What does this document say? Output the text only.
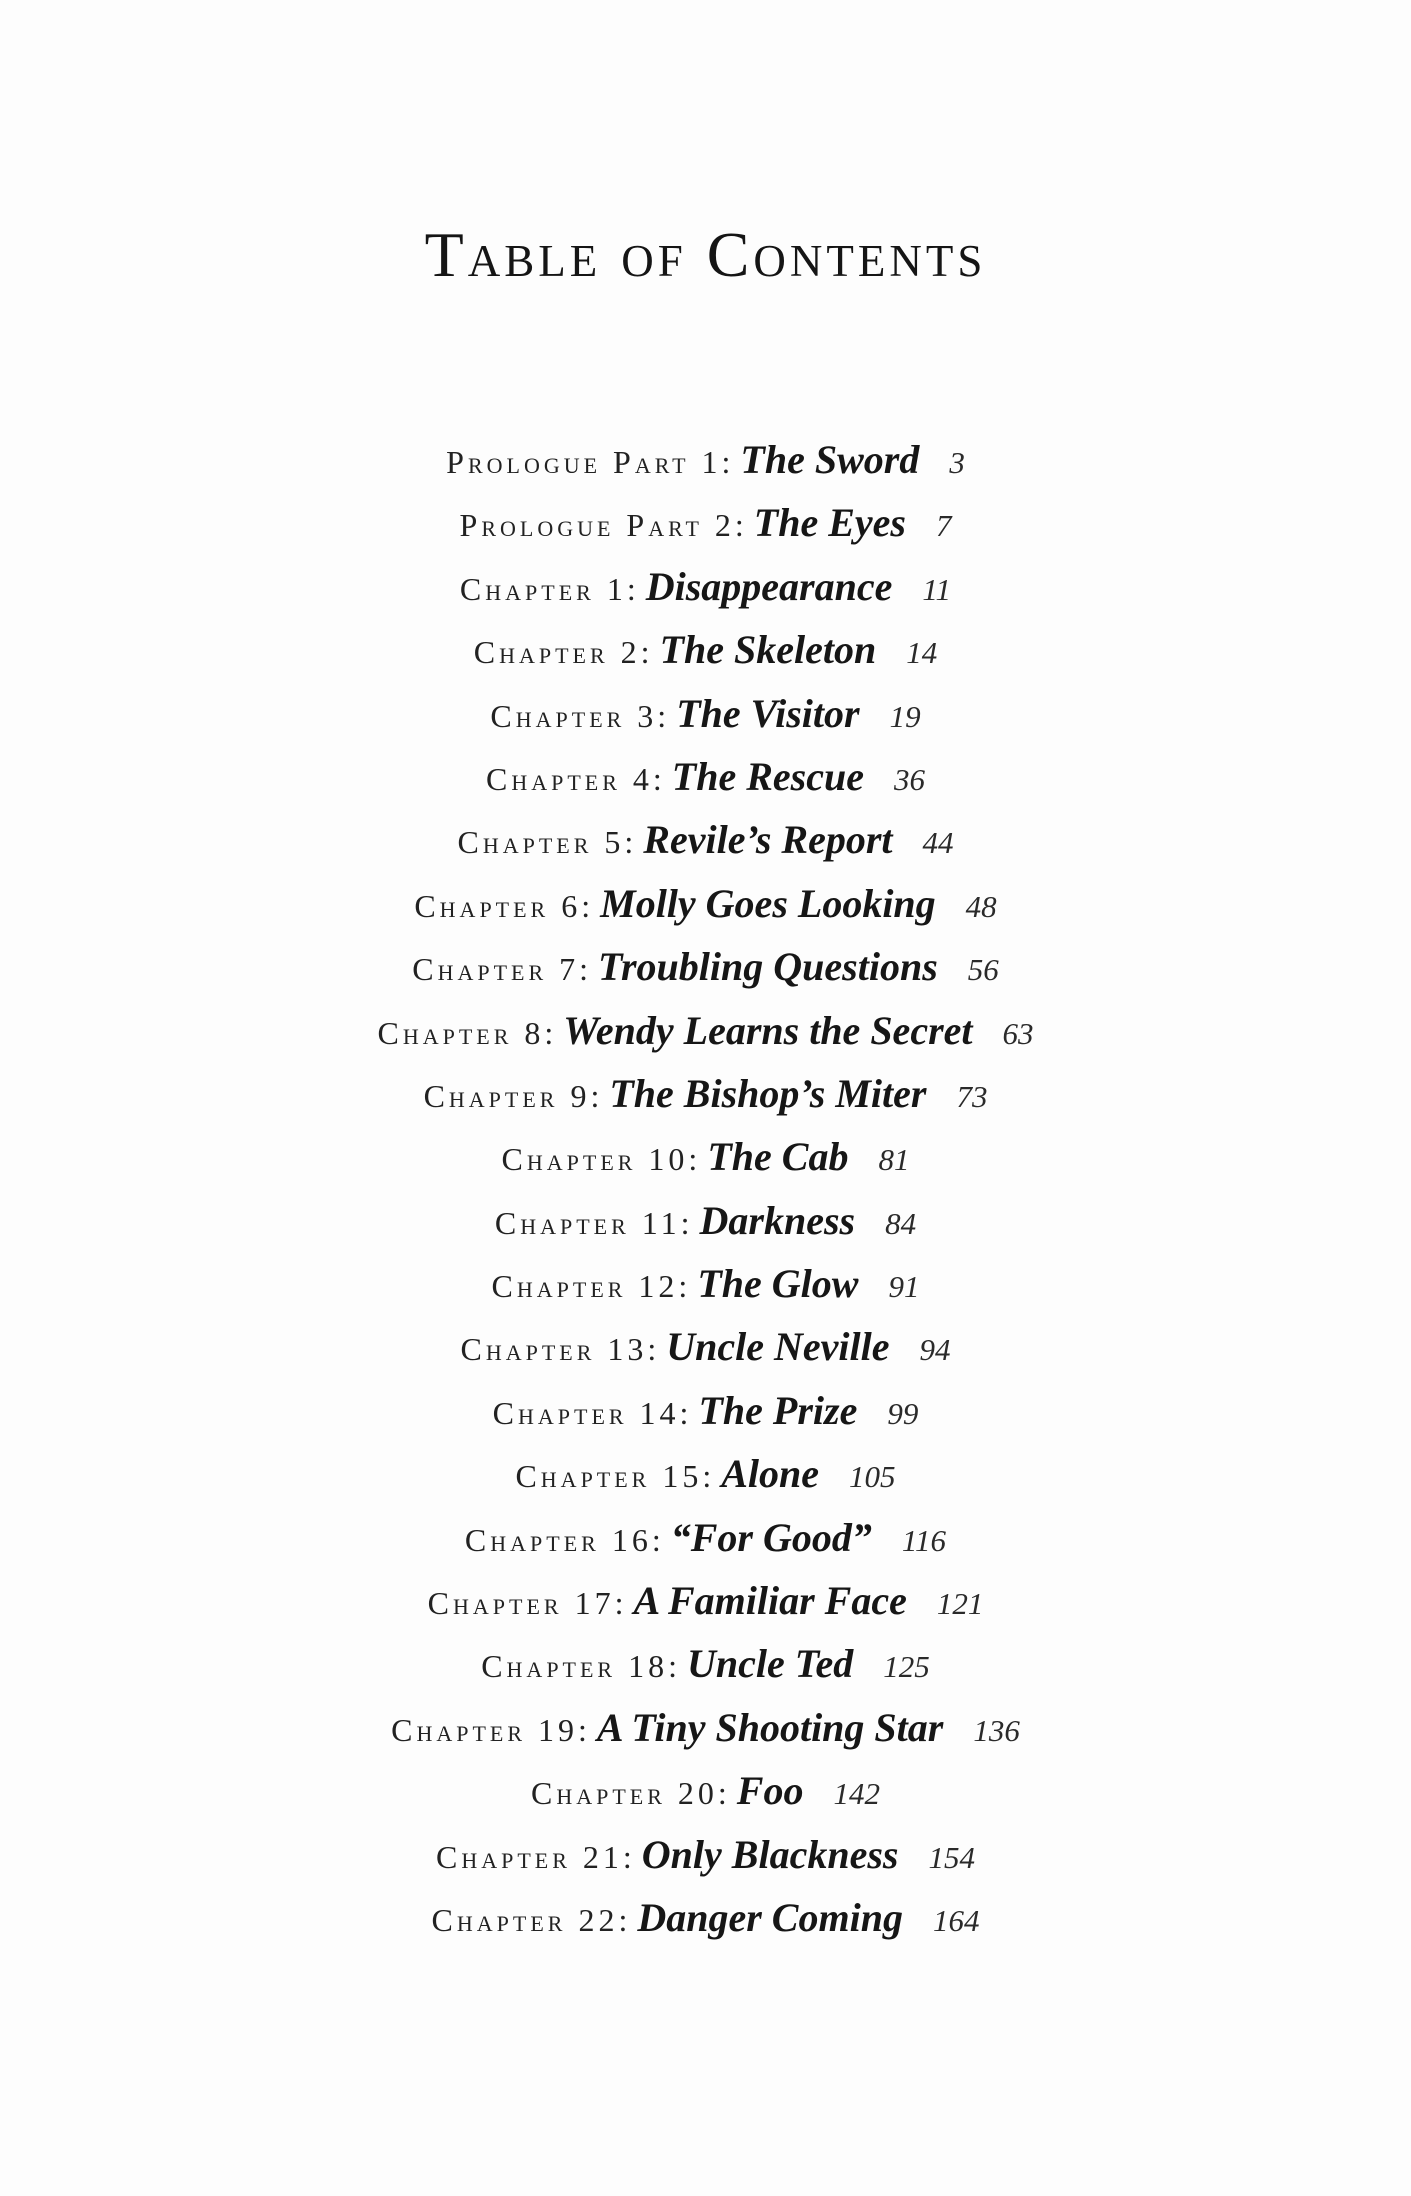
Table of Contents
Prologue Part 1: The Sword 3
Prologue Part 2: The Eyes 7
Chapter 1: Disappearance 11
Chapter 2: The Skeleton 14
Chapter 3: The Visitor 19
Chapter 4: The Rescue 36
Chapter 5: Revile’s Report 44
Chapter 6: Molly Goes Looking 48
Chapter 7: Troubling Questions 56
Chapter 8: Wendy Learns the Secret 63
Chapter 9: The Bishop’s Miter 73
Chapter 10: The Cab 81
Chapter 11: Darkness 84
Chapter 12: The Glow 91
Chapter 13: Uncle Neville 94
Chapter 14: The Prize 99
Chapter 15: Alone 105
Chapter 16: “For Good” 116
Chapter 17: A Familiar Face 121
Chapter 18: Uncle Ted 125
Chapter 19: A Tiny Shooting Star 136
Chapter 20: Foo 142
Chapter 21: Only Blackness 154
Chapter 22: Danger Coming 164
